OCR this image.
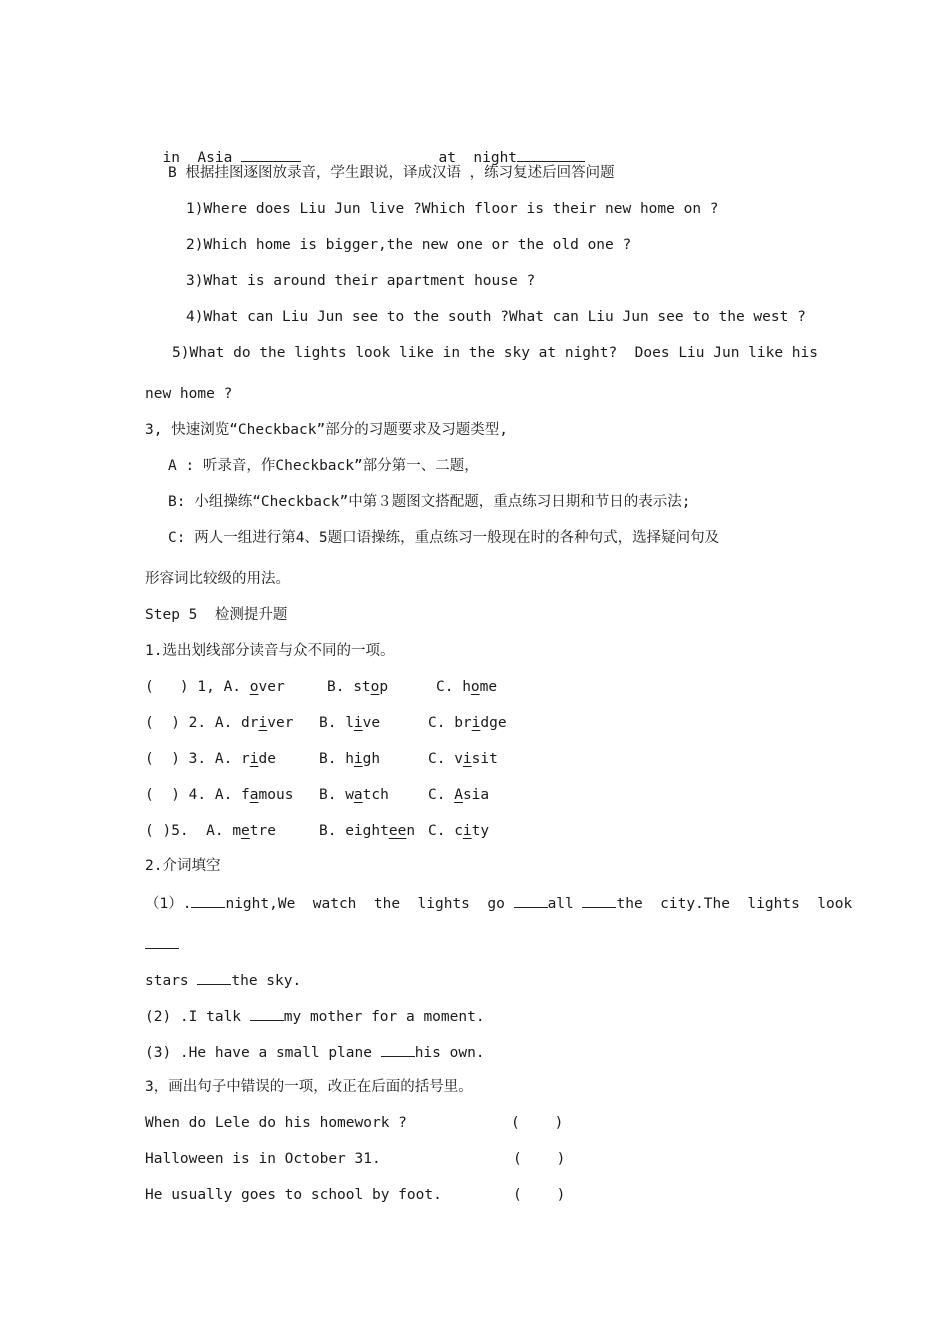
in  Asia	at  night

B 根据挂图逐图放录音，学生跟说，译成汉语 ，练习复述后回答问题
1)Where does Liu Jun live ?Which floor is their new home on ?
2)Which home is bigger,the new one or the old one ?
3)What is around their apartment house ?
4)What can Liu Jun see to the south ?What can Liu Jun see to the west ?
5)What do the lights look like in the sky at night?  Does Liu Jun like his
new home ?
3, 快速浏览“Checkback”部分的习题要求及习题类型,
A : 听录音，作Checkback”部分第一、二题，
B: 小组操练“Checkback”中第３题图文搭配题，重点练习日期和节日的表示法;
C: 两人一组进行第4、5题口语操练，重点练习一般现在时的各种句式，选择疑问句及
形容词比较级的用法。
Step 5  检测提升题
1.选出划线部分读音与众不同的一项。
(   ) 1, A. over	B. stop	C. home
(  ) 2. A. driver B. live	C. bridge
(  ) 3. A. ride	B. high	C. visit
(  ) 4. A. famous B. watch	C. Asia
( )5.  A. metre	B. eighteen C. city
2.介词填空
（1）. night,We  watch  the  lights  go all the  city.The  lights  look
stars the sky.
(2) .I talk my mother for a moment.
(3) .He have a small plane his own.
3，画出句子中错误的一项，改正在后面的括号里。
When do Lele do his homework ?	(    )
Halloween is in October 31.	(    )
He usually goes to school by foot.	(    )
